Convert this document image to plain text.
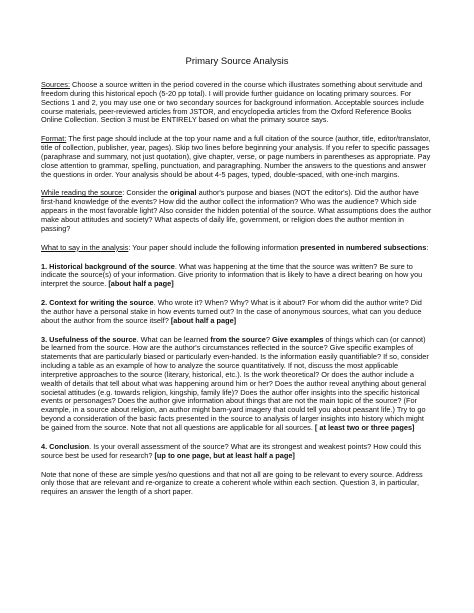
Primary Source Analysis

Sources: Choose a source written in the period covered in the course which illustrates something about servitude and freedom during this historical epoch (5-20 pp total). I will provide further guidance on locating primary sources. For Sections 1 and 2, you may use one or two secondary sources for background information. Acceptable sources include course materials, peer-reviewed articles from JSTOR, and encyclopedia articles from the Oxford Reference Books Online Collection. Section 3 must be ENTIRELY based on what the primary source says.

Format: The first page should include at the top your name and a full citation of the source (author, title, editor/translator, title of collection, publisher, year, pages). Skip two lines before beginning your analysis. If you refer to specific passages (paraphrase and summary, not just quotation), give chapter, verse, or page numbers in parentheses as appropriate. Pay close attention to grammar, spelling, punctuation, and paragraphing. Number the answers to the questions and answer the questions in order. Your analysis should be about 4-5 pages, typed, double-spaced, with one-inch margins.

While reading the source: Consider the original author's purpose and biases (NOT the editor's). Did the author have first-hand knowledge of the events? How did the author collect the information? Who was the audience? Which side appears in the most favorable light? Also consider the hidden potential of the source. What assumptions does the author make about attitudes and society? What aspects of daily life, government, or religion does the author mention in passing?

What to say in the analysis: Your paper should include the following information presented in numbered subsections:

1. Historical background of the source. What was happening at the time that the source was written? Be sure to indicate the source(s) of your information. Give priority to information that is likely to have a direct bearing on how you interpret the source. [about half a page]

2. Context for writing the source. Who wrote it? When? Why? What is it about? For whom did the author write? Did the author have a personal stake in how events turned out? In the case of anonymous sources, what can you deduce about the author from the source itself? [about half a page]

3. Usefulness of the source. What can be learned from the source? Give examples of things which can (or cannot) be learned from the source. How are the author's circumstances reflected in the source? Give specific examples of statements that are particularly biased or particularly even-handed. Is the information easily quantifiable? If so, consider including a table as an example of how to analyze the source quantitatively. If not, discuss the most applicable interpretive approaches to the source (literary, historical, etc.). Is the work theoretical? Or does the author include a wealth of details that tell about what was happening around him or her? Does the author reveal anything about general societal attitudes (e.g. towards religion, kingship, family life)? Does the author offer insights into the specific historical events or personages? Does the author give information about things that are not the main topic of the source? (For example, in a source about religion, an author might bam-yard imagery that could tell you about peasant life.) Try to go beyond a consideration of the basic facts presented in the source to analysis of larger insights into history which might be gained from the source. Note that not all questions are applicable for all sources. [ at least two or three pages]

4. Conclusion. Is your overall assessment of the source? What are its strongest and weakest points? How could this source best be used for research? [up to one page, but at least half a page]

Note that none of these are simple yes/no questions and that not all are going to be relevant to every source. Address only those that are relevant and re-organize to create a coherent whole within each section. Question 3, in particular, requires an answer the length of a short paper.
